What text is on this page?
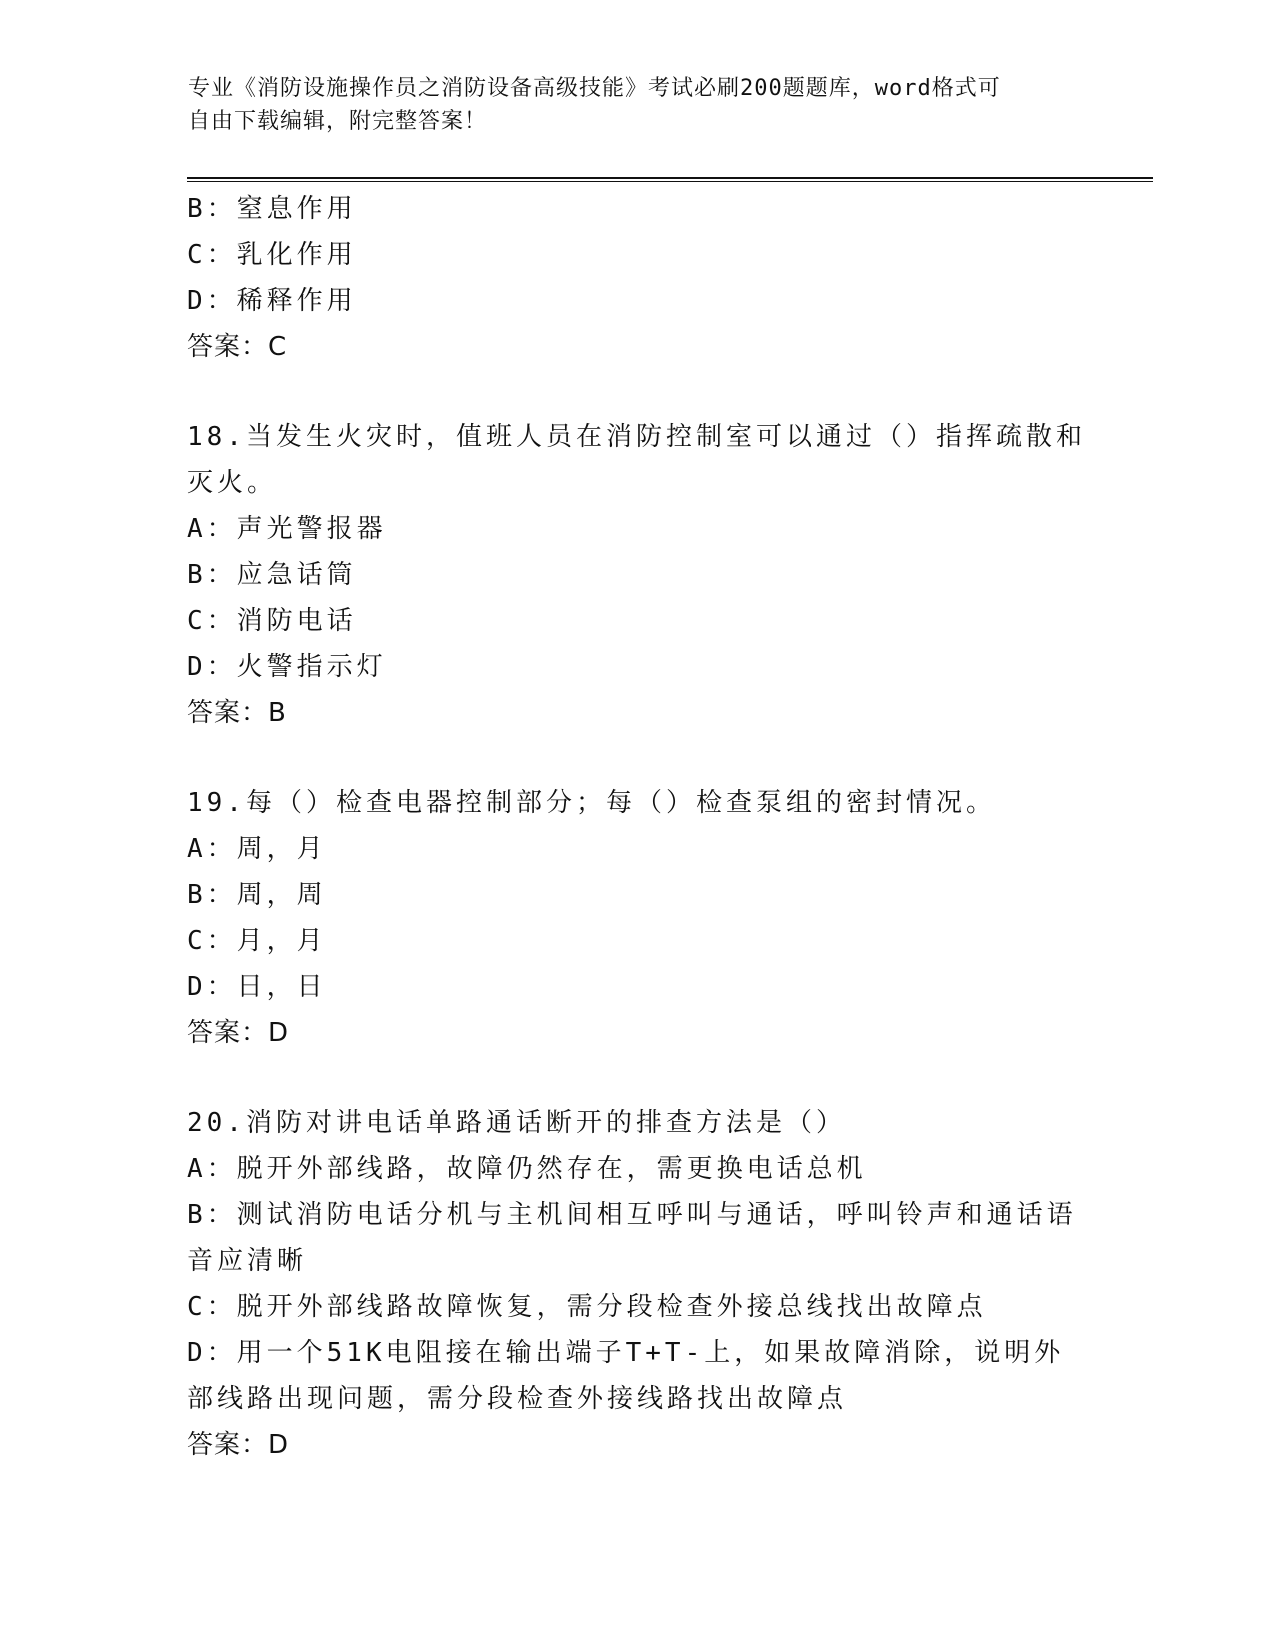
专业《消防设施操作员之消防设备高级技能》考试必刷200题题库，word格式可
自由下载编辑，附完整答案！
B：窒息作用
C：乳化作用
D：稀释作用
答案：C
18.当发生火灾时，值班人员在消防控制室可以通过（）指挥疏散和灭火。
A：声光警报器
B：应急话筒
C：消防电话
D：火警指示灯
答案：B
19.每（）检查电器控制部分；每（）检查泵组的密封情况。
A：周，月
B：周，周
C：月，月
D：日，日
答案：D
20.消防对讲电话单路通话断开的排查方法是（）
A：脱开外部线路，故障仍然存在，需更换电话总机
B：测试消防电话分机与主机间相互呼叫与通话，呼叫铃声和通话语音应清晰
C：脱开外部线路故障恢复，需分段检查外接总线找出故障点
D：用一个51K电阻接在输出端子T+T-上，如果故障消除，说明外部线路出现问题，需分段检查外接线路找出故障点
答案：D
